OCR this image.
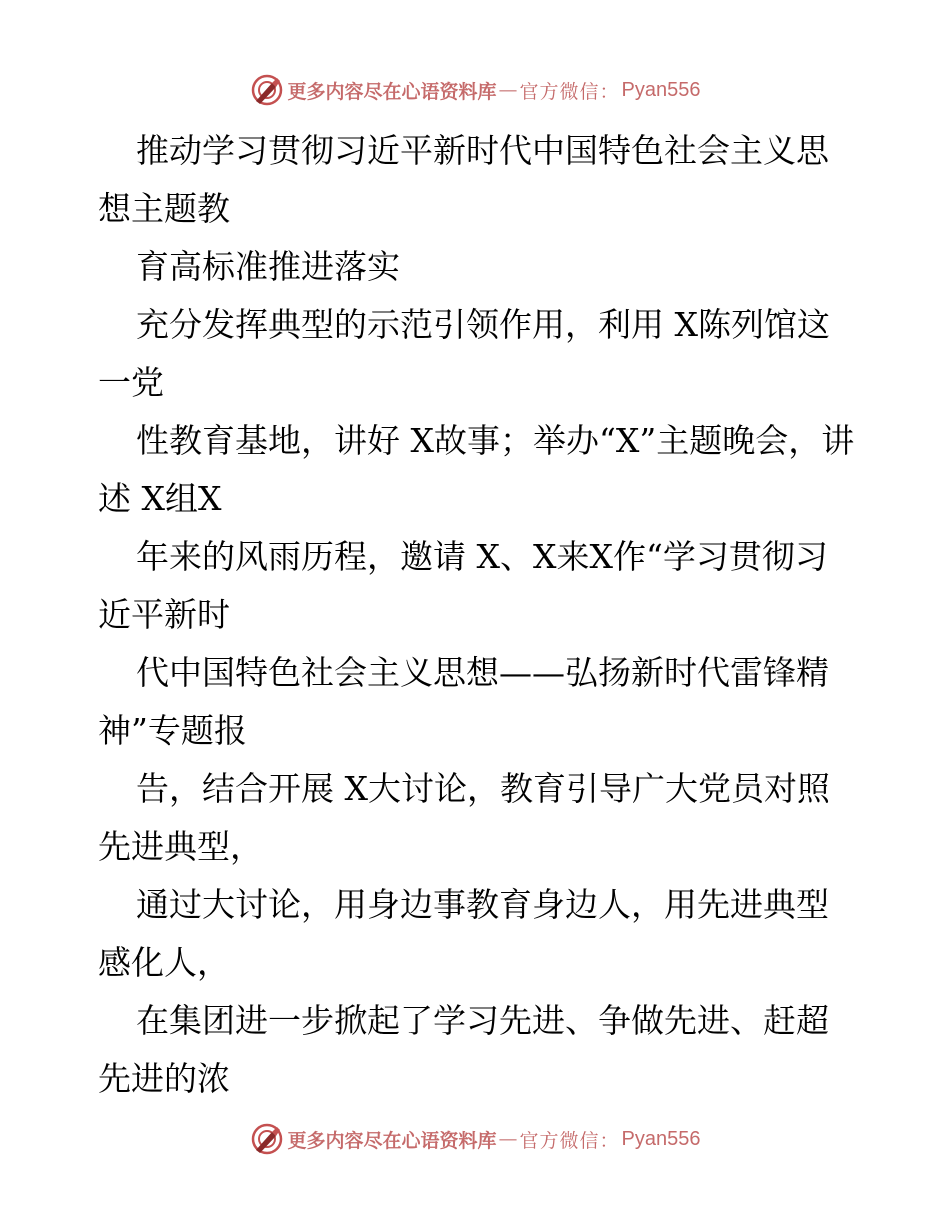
更多内容尽在心语资料库 — 官方微信： Pyan556

推动学习贯彻习近平新时代中国特色社会主义思想主题教

育高标准推进落实

充分发挥典型的示范引领作用，利用 X陈列馆这一党

性教育基地，讲好 X故事；举办“X”主题晚会，讲述 X组X

年来的风雨历程，邀请 X、X来X作“学习贯彻习近平新时

代中国特色社会主义思想——弘扬新时代雷锋精神”专题报

告，结合开展 X大讨论，教育引导广大党员对照先进典型，

通过大讨论，用身边事教育身边人，用先进典型感化人，

在集团进一步掀起了学习先进、争做先进、赶超先进的浓

更多内容尽在心语资料库 — 官方微信： Pyan556
